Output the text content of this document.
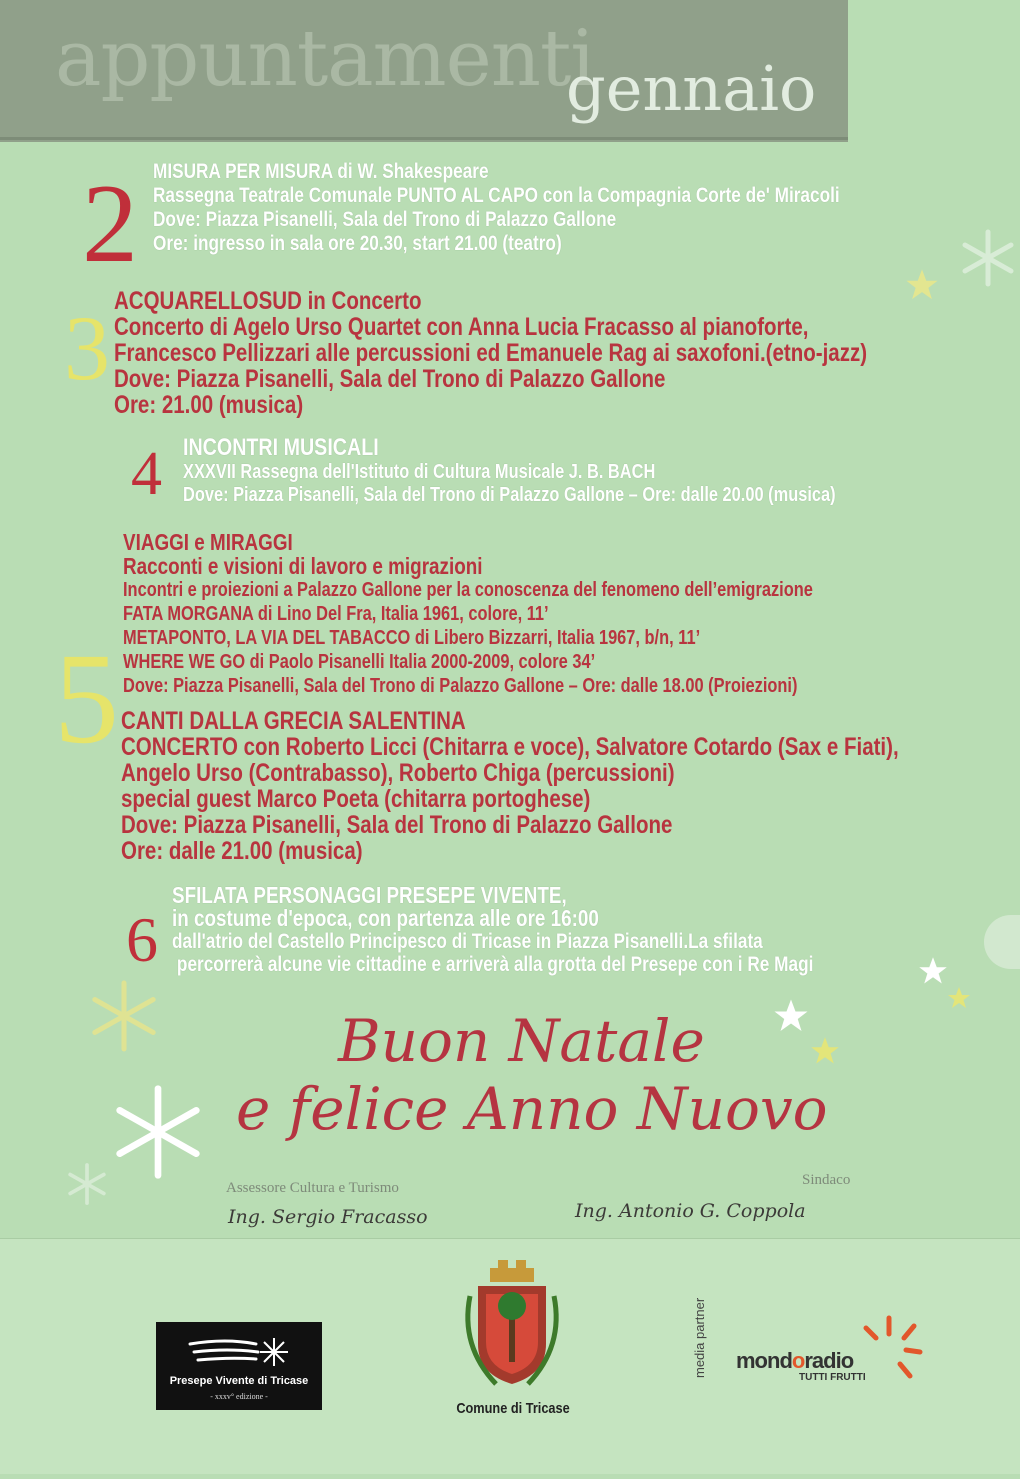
appuntamenti
gennaio
2 MISURA PER MISURA di W. Shakespeare
Rassegna Teatrale Comunale PUNTO AL CAPO con la Compagnia Corte de' Miracoli
Dove: Piazza Pisanelli, Sala del Trono di Palazzo Gallone
Ore: ingresso in sala ore 20.30, start 21.00 (teatro)
3 ACQUARELLOSUD in Concerto
Concerto di Agelo Urso Quartet con Anna Lucia Fracasso al pianoforte,
Francesco Pellizzari alle percussioni ed Emanuele Rag ai saxofoni.(etno-jazz)
Dove: Piazza Pisanelli, Sala del Trono di Palazzo Gallone
Ore: 21.00 (musica)
4 INCONTRI MUSICALI
XXXVII Rassegna dell'Istituto di Cultura Musicale J. B. BACH
Dove: Piazza Pisanelli, Sala del Trono di Palazzo Gallone – Ore: dalle 20.00 (musica)
5
VIAGGI e MIRAGGI
Racconti e visioni di lavoro e migrazioni
Incontri e proiezioni a Palazzo Gallone per la conoscenza del fenomeno dell’emigrazione
FATA MORGANA di Lino Del Fra, Italia 1961, colore, 11’
METAPONTO, LA VIA DEL TABACCO di Libero Bizzarri, Italia 1967, b/n, 11’
WHERE WE GO di Paolo Pisanelli Italia 2000-2009, colore 34’
Dove: Piazza Pisanelli, Sala del Trono di Palazzo Gallone – Ore: dalle 18.00 (Proiezioni)
CANTI DALLA GRECIA SALENTINA
CONCERTO con Roberto Licci (Chitarra e voce), Salvatore Cotardo (Sax e Fiati),
Angelo Urso (Contrabasso), Roberto Chiga (percussioni)
special guest Marco Poeta (chitarra portoghese)
Dove: Piazza Pisanelli, Sala del Trono di Palazzo Gallone
Ore: dalle 21.00 (musica)
6
SFILATA PERSONAGGI PRESEPE VIVENTE,
in costume d'epoca, con partenza alle ore 16:00
dall'atrio del Castello Principesco di Tricase in Piazza Pisanelli.La sfilata
percorrerà alcune vie cittadine e arriverà alla grotta del Presepe con i Re Magi
Buon Natale
e felice Anno Nuovo
Assessore Cultura e Turismo
Ing. Sergio Fracasso
Sindaco
Ing. Antonio G. Coppola
Presepe Vivente di Tricase
- xxxv° edizione -
Comune di Tricase
media partner mondoradio
TUTTI FRUTTI
